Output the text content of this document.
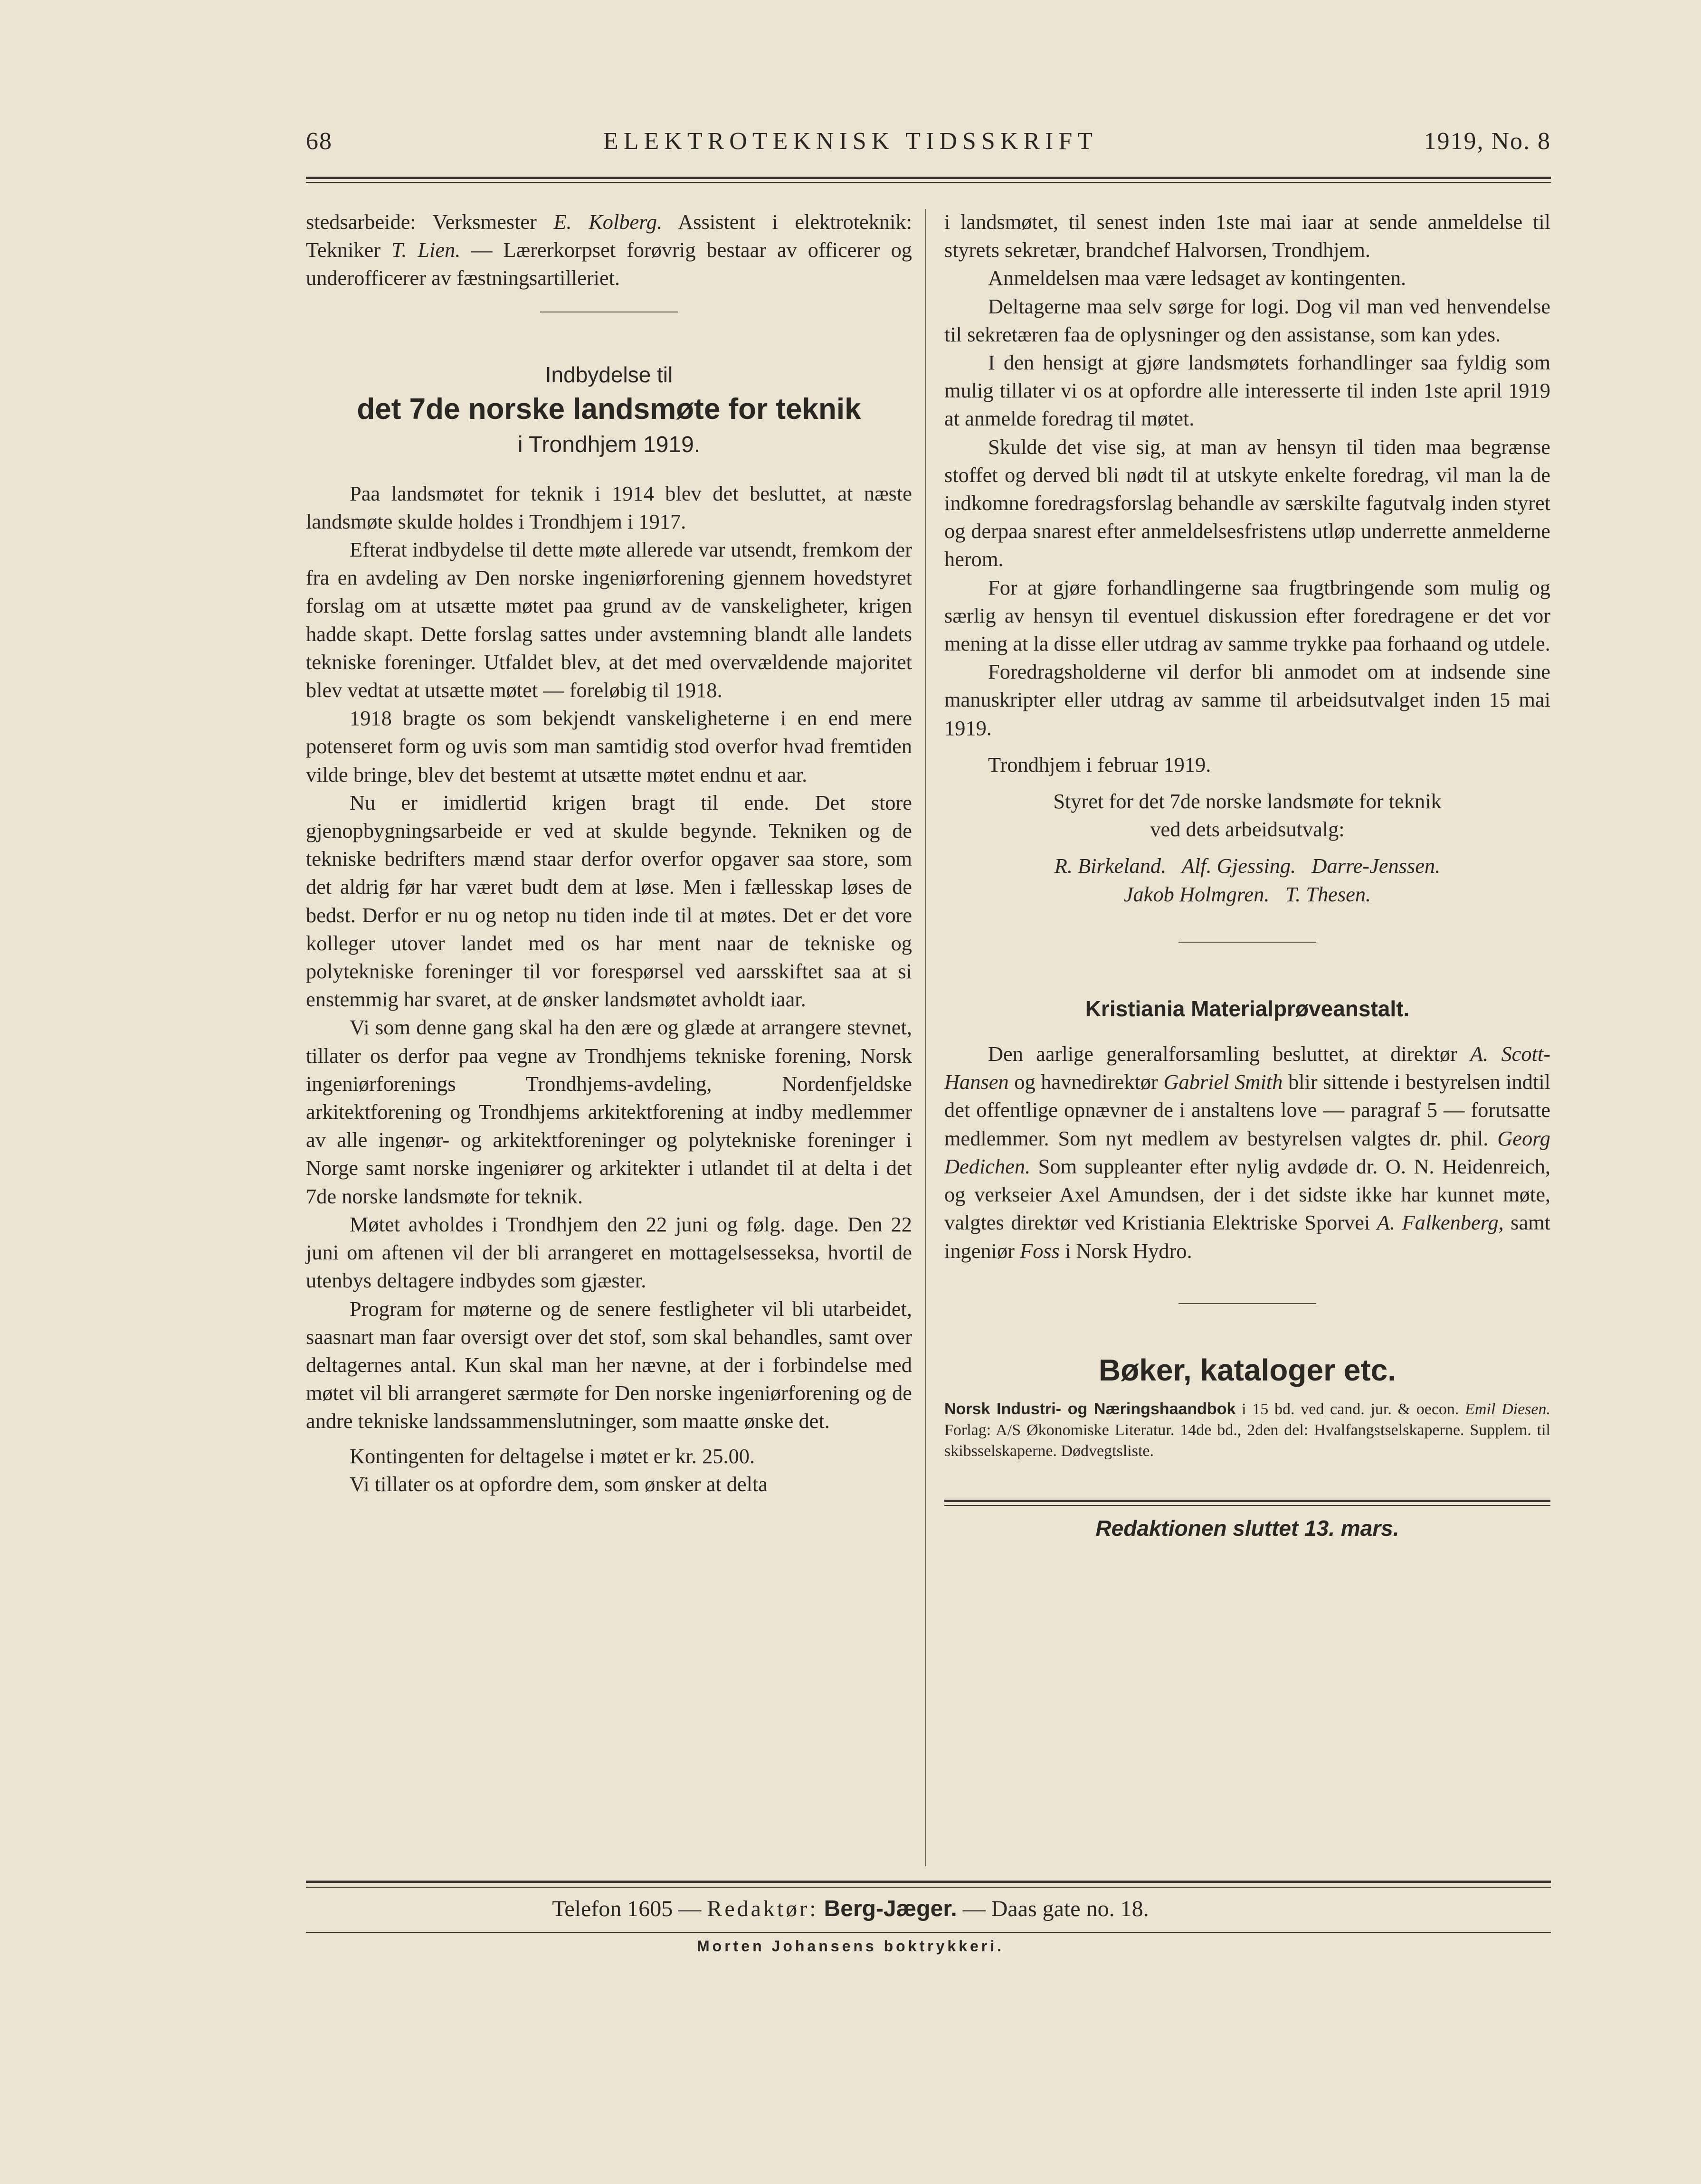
ELEKTROTEKNISK TIDSSKRIFT
68	1919, No. 8

stedsarbeide: Verksmester E. Kolberg. Assistent i elektroteknik: Tekniker T. Lien. — Lærerkorpset forøvrig bestaar av officerer og underofficerer av fæstningsartilleriet.

Indbydelse til
det 7de norske landsmøte for teknik
i Trondhjem 1919.

Paa landsmøtet for teknik i 1914 blev det besluttet, at næste landsmøte skulde holdes i Trondhjem i 1917.

Efterat indbydelse til dette møte allerede var utsendt, fremkom der fra en avdeling av Den norske ingeniørforening gjennem hovedstyret forslag om at utsætte møtet paa grund av de vanskeligheter, krigen hadde skapt. Dette forslag sattes under avstemning blandt alle landets tekniske foreninger. Utfaldet blev, at det med overvældende majoritet blev vedtat at utsætte møtet — foreløbig til 1918.

1918 bragte os som bekjendt vanskeligheterne i en end mere potenseret form og uvis som man samtidig stod overfor hvad fremtiden vilde bringe, blev det bestemt at utsætte møtet endnu et aar.

Nu er imidlertid krigen bragt til ende. Det store gjenopbygningsarbeide er ved at skulde begynde. Tekniken og de tekniske bedrifters mænd staar derfor overfor opgaver saa store, som det aldrig før har været budt dem at løse. Men i fællesskap løses de bedst. Derfor er nu og netop nu tiden inde til at møtes. Det er det vore kolleger utover landet med os har ment naar de tekniske og polytekniske foreninger til vor forespørsel ved aarsskiftet saa at si enstemmig har svaret, at de ønsker landsmøtet avholdt iaar.

Vi som denne gang skal ha den ære og glæde at arrangere stevnet, tillater os derfor paa vegne av Trondhjems tekniske forening, Norsk ingeniørforenings Trondhjems-avdeling, Nordenfjeldske arkitektforening og Trondhjems arkitektforening at indby medlemmer av alle ingenør- og arkitektforeninger og polytekniske foreninger i Norge samt norske ingeniører og arkitekter i utlandet til at delta i det 7de norske landsmøte for teknik.

Møtet avholdes i Trondhjem den 22 juni og følg. dage. Den 22 juni om aftenen vil der bli arrangeret en mottagelsesseksa, hvortil de utenbys deltagere indbydes som gjæster.

Program for møterne og de senere festligheter vil bli utarbeidet, saasnart man faar oversigt over det stof, som skal behandles, samt over deltagernes antal. Kun skal man her nævne, at der i forbindelse med møtet vil bli arrangeret særmøte for Den norske ingeniørforening og de andre tekniske landssammenslutninger, som maatte ønske det.

Kontingenten for deltagelse i møtet er kr. 25.00.

Vi tillater os at opfordre dem, som ønsker at delta

i landsmøtet, til senest inden 1ste mai iaar at sende anmeldelse til styrets sekretær, brandchef Halvorsen, Trondhjem.

Anmeldelsen maa være ledsaget av kontingenten.

Deltagerne maa selv sørge for logi. Dog vil man ved henvendelse til sekretæren faa de oplysninger og den assistanse, som kan ydes.

I den hensigt at gjøre landsmøtets forhandlinger saa fyldig som mulig tillater vi os at opfordre alle interesserte til inden 1ste april 1919 at anmelde foredrag til møtet.

Skulde det vise sig, at man av hensyn til tiden maa begrænse stoffet og derved bli nødt til at utskyte enkelte foredrag, vil man la de indkomne foredragsforslag behandle av særskilte fagutvalg inden styret og derpaa snarest efter anmeldelsesfristens utløp underrette anmelderne herom.

For at gjøre forhandlingerne saa frugtbringende som mulig og særlig av hensyn til eventuel diskussion efter foredragene er det vor mening at la disse eller utdrag av samme trykke paa forhaand og utdele.

Foredragsholderne vil derfor bli anmodet om at indsende sine manuskripter eller utdrag av samme til arbeidsutvalget inden 15 mai 1919.

Trondhjem i februar 1919.

Styret for det 7de norske landsmøte for teknik

ved dets arbeidsutvalg:

R. Birkeland.   Alf. Gjessing.   Darre-Jenssen.

Jakob Holmgren.   T. Thesen.

Kristiania Materialprøveanstalt.

Den aarlige generalforsamling besluttet, at direktør A. Scott-Hansen og havnedirektør Gabriel Smith blir sittende i bestyrelsen indtil det offentlige opnævner de i anstaltens love — paragraf 5 — forutsatte medlemmer. Som nyt medlem av bestyrelsen valgtes dr. phil. Georg Dedichen. Som suppleanter efter nylig avdøde dr. O. N. Heidenreich, og verkseier Axel Amundsen, der i det sidste ikke har kunnet møte, valgtes direktør ved Kristiania Elektriske Sporvei A. Falkenberg, samt ingeniør Foss i Norsk Hydro.

Bøker, kataloger etc.

Norsk Industri- og Næringshaandbok i 15 bd. ved cand. jur. & oecon. Emil Diesen. Forlag: A/S Økonomiske Literatur. 14de bd., 2den del: Hvalfangstselskaperne. Supplem. til skibsselskaperne. Dødvegtsliste.

Redaktionen sluttet 13. mars.
Telefon 1605 — Redaktør: Berg-Jæger. — Daas gate no. 18.
Morten Johansens boktrykkeri.
